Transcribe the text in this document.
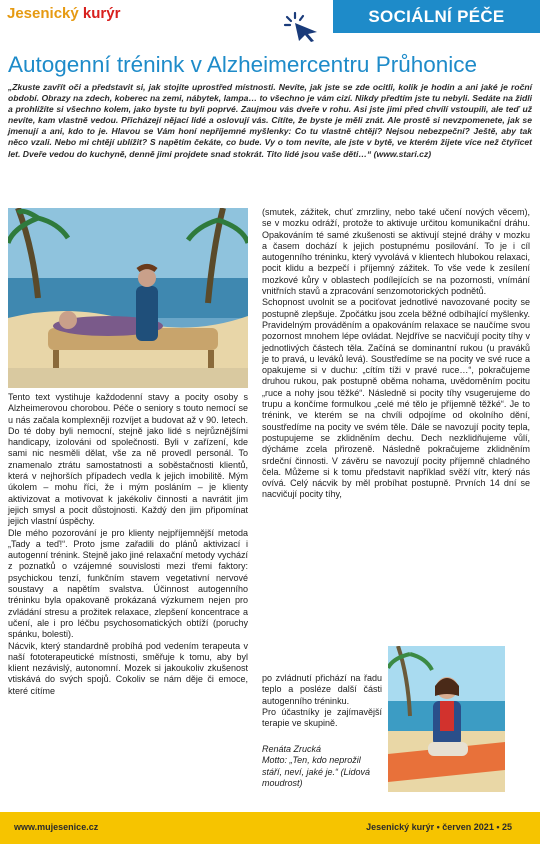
Jesenický kurýr	SOCIÁLNÍ PÉČE
Autogenní trénink v Alzheimercentru Průhonice

„Zkuste zavřít oči a představit si, jak stojíte uprostřed místnosti. Nevíte, jak jste se zde ocitli, kolik je hodin a ani jaké je roční období. Obrazy na zdech, koberec na zemi, nábytek, lampa… to všechno je vám cizí. Nikdy předtím jste tu nebyli. Sedáte na židli a prohlížíte si všechno kolem, jako byste tu byli poprvé. Zaujmou vás dveře v rohu. Asi jste jimi před chvílí vstoupili, ale teď už nevíte, kam vlastně vedou. Přicházejí nějací lidé a oslovují vás. Cítíte, že byste je měli znát. Ale prostě si nevzpomenete, jak se jmenují a ani, kdo to je. Hlavou se Vám honí nepříjemné myšlenky: Co tu vlastně chtějí? Nejsou nebezpeční? Ještě, aby tak něco vzali. Nebo mi chtějí ublížit? S napětím čekáte, co bude. Vy o tom nevíte, ale jste v bytě, ve kterém žijete více než čtyřicet let. Dveře vedou do kuchyně, denně jimi projdete snad stokrát. Tito lidé jsou vaše děti…“ (www.stari.cz)

Tento text vystihuje každodenní stavy a pocity osoby s Alzheimerovou chorobou. Péče o seniory s touto nemocí se u nás začala komplexněji rozvíjet a budovat až v 90. letech. Do té doby byli nemocní, stejně jako lidé s nejrůznějšími handicapy, izolováni od společnosti. Byli v zařízení, kde sami nic nesměli dělat, vše za ně provedl personál. To znamenalo ztrátu samostatnosti a soběstačnosti klientů, která v nejhorších případech vedla k jejich imobilitě. Mým úkolem – mohu říci, že i mým posláním – je klienty aktivizovat a motivovat k jakékoliv činnosti a navrátit jim jejich smysl a pocit důstojnosti. Každý den jim připomínat jejich vlastní úspěchy.

Dle mého pozorování je pro klienty nejpříjemnější metoda „Tady a teď!“. Proto jsme zařadili do plánů aktivizací i autogenní trénink. Stejně jako jiné relaxační metody vychází z poznatků o vzájemné souvislosti mezi třemi faktory: psychickou tenzí, funkčním stavem vegetativní nervové soustavy a napětím svalstva. Účinnost autogenního tréninku byla opakovaně prokázaná výzkumem nejen pro zvládání stresu a prožitek relaxace, zlepšení koncentrace a učení, ale i pro léčbu psychosomatických obtíží (poruchy spánku, bolesti).

Nácvik, který standardně probíhá pod vedením terapeuta v naší fototerapeutické místnosti, směřuje k tomu, aby byl klient nezávislý, autonomní. Mozek si jakoukoliv zkušenost vtiskává do svých spojů. Cokoliv se nám děje či emoce, které cítíme

(smutek, zážitek, chuť zmrzliny, nebo také učení nových věcem), se v mozku odráží, protože to aktivuje určitou komunikační dráhu. Opakováním té samé zkušenosti se aktivují stejné dráhy v mozku a časem dochází k jejich postupnému posilování. To je i cíl autogenního tréninku, který vyvolává v klientech hlubokou relaxaci, pocit klidu a bezpečí i příjemný zážitek. To vše vede k zesílení mozkové kůry v oblastech podílejících se na pozornosti, vnímání vnitřních stavů a zpracování senzomotorických podnětů.

Schopnost uvolnit se a pociťovat jednotlivé navozované pocity se postupně zlepšuje. Zpočátku jsou zcela běžné odbíhající myšlenky. Pravidelným prováděním a opakováním relaxace se naučíme svou pozornost mnohem lépe ovládat. Nejdříve se nacvičují pocity tíhy v jednotlivých částech těla. Začíná se dominantní rukou (u praváků je to pravá, u leváků levá). Soustředíme se na pocity ve své ruce a opakujeme si v duchu: „cítím tíži v pravé ruce…“, pokračujeme druhou rukou, pak postupně oběma nohama, uvědoměním pocitu „ruce a nohy jsou těžké“. Následně si pocity tíhy vsugerujeme do trupu a končíme formulkou „celé mé tělo je příjemně těžké“. Je to trénink, ve kterém se na chvíli odpojíme od okolního dění, soustředíme na pocity ve svém těle. Dále se navozují pocity tepla, postupujeme se zklidněním dechu. Dech nezklidňujeme vůlí, dýcháme zcela přirozeně. Následně pokračujeme zklidněním srdeční činnosti. V závěru se navozují pocity příjemně chladného čela. Můžeme si k tomu představit například svěží vítr, který nás ovívá. Celý nácvik by měl probíhat postupně. Prvních 14 dní se nacvičují pocity tíhy,

po zvládnutí přichází na řadu teplo a posléze další části autogenního tréninku.

Pro účastníky je zajímavější terapie ve skupině.

Renáta Zrucká
Motto: „Ten, kdo neprožil stáří, neví, jaké je.“ (Lidová moudrost)
www.mujesenice.cz	Jesenický kurýr • červen 2021 • 25
